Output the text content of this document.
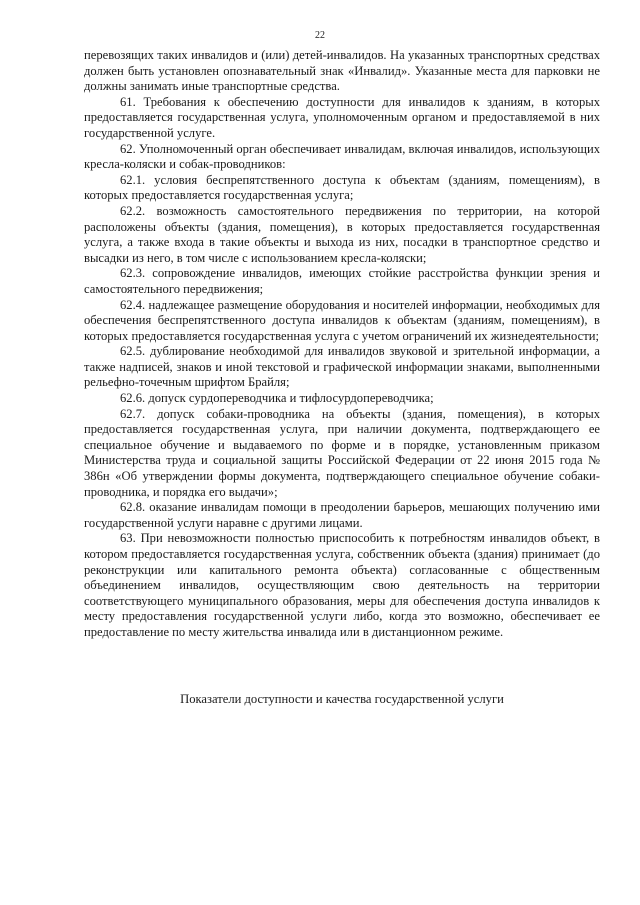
22

перевозящих таких инвалидов и (или) детей-инвалидов. На указанных транспортных средствах должен быть установлен опознавательный знак «Инвалид». Указанные места для парковки не должны занимать иные транспортные средства.

61. Требования к обеспечению доступности для инвалидов к зданиям, в которых предоставляется государственная услуга, уполномоченным органом и предоставляемой в них государственной услуге.

62. Уполномоченный орган обеспечивает инвалидам, включая инвалидов, использующих кресла-коляски и собак-проводников:

62.1. условия беспрепятственного доступа к объектам (зданиям, помещениям), в которых предоставляется государственная услуга;

62.2. возможность самостоятельного передвижения по территории, на которой расположены объекты (здания, помещения), в которых предоставляется государственная услуга, а также входа в такие объекты и выхода из них, посадки в транспортное средство и высадки из него, в том числе с использованием кресла-коляски;

62.3. сопровождение инвалидов, имеющих стойкие расстройства функции зрения и самостоятельного передвижения;

62.4. надлежащее размещение оборудования и носителей информации, необходимых для обеспечения беспрепятственного доступа инвалидов к объектам (зданиям, помещениям), в которых предоставляется государственная услуга с учетом ограничений их жизнедеятельности;

62.5. дублирование необходимой для инвалидов звуковой и зрительной информации, а также надписей, знаков и иной текстовой и графической информации знаками, выполненными рельефно-точечным шрифтом Брайля;

62.6. допуск сурдопереводчика и тифлосурдопереводчика;

62.7. допуск собаки-проводника на объекты (здания, помещения), в которых предоставляется государственная услуга, при наличии документа, подтверждающего ее специальное обучение и выдаваемого по форме и в порядке, установленным приказом Министерства труда и социальной защиты Российской Федерации от 22 июня 2015 года № 386н «Об утверждении формы документа, подтверждающего специальное обучение собаки-проводника, и порядка его выдачи»;

62.8. оказание инвалидам помощи в преодолении барьеров, мешающих получению ими государственной услуги наравне с другими лицами.

63. При невозможности полностью приспособить к потребностям инвалидов объект, в котором предоставляется государственная услуга, собственник объекта (здания) принимает (до реконструкции или капитального ремонта объекта) согласованные с общественным объединением инвалидов, осуществляющим свою деятельность на территории соответствующего муниципального образования, меры для обеспечения доступа инвалидов к месту предоставления государственной услуги либо, когда это возможно, обеспечивает ее предоставление по месту жительства инвалида или в дистанционном режиме.

Показатели доступности и качества государственной услуги
